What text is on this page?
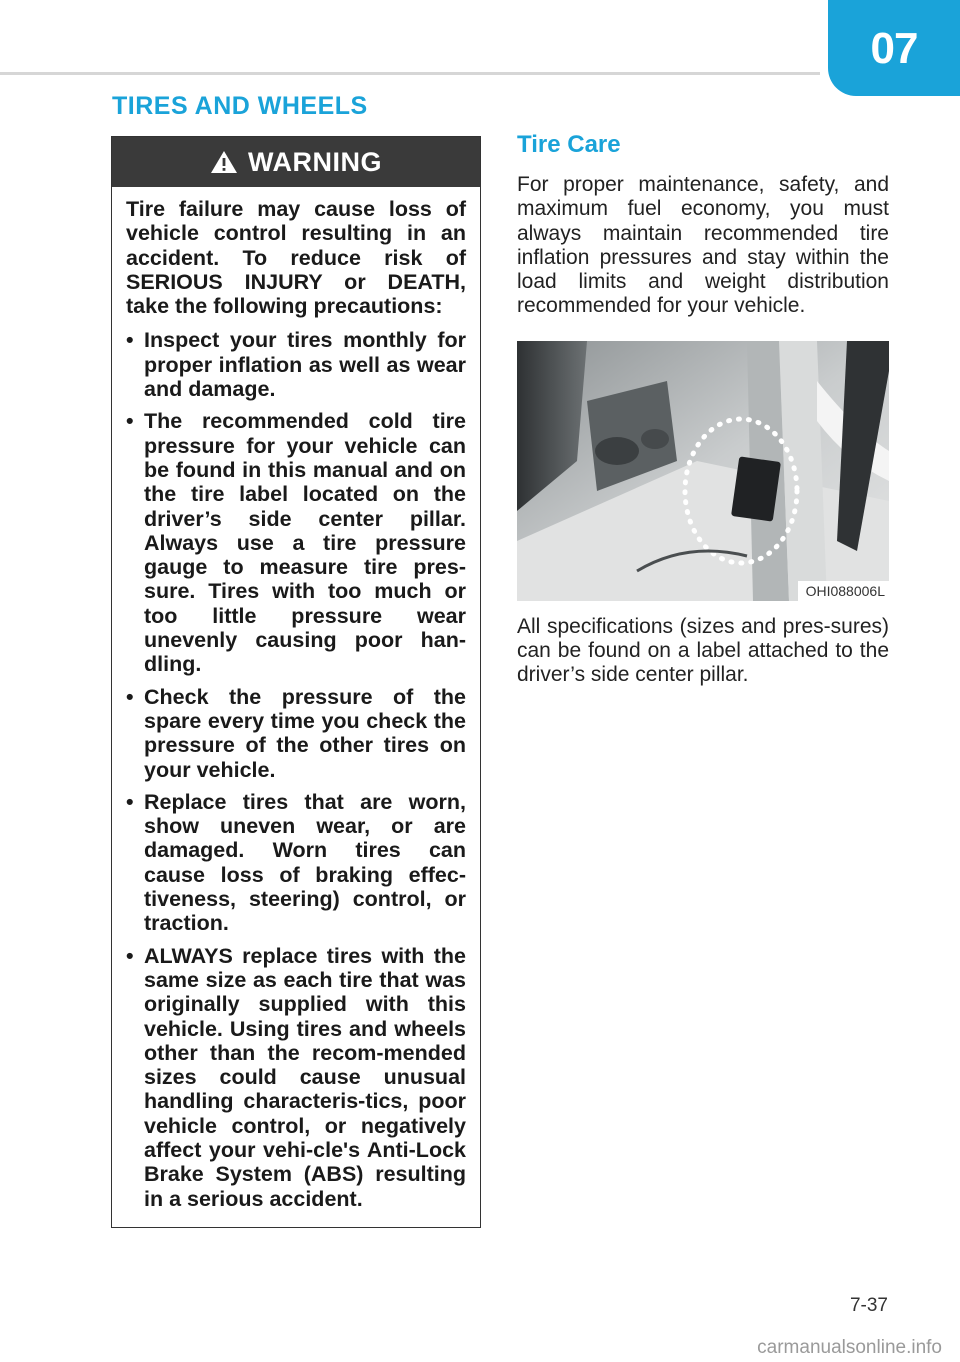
07
TIRES AND WHEELS
WARNING

Tire failure may cause loss of vehicle control resulting in an accident. To reduce risk of SERIOUS INJURY or DEATH, take the following precautions:

• Inspect your tires monthly for proper inflation as well as wear and damage.
• The recommended cold tire pressure for your vehicle can be found in this manual and on the tire label located on the driver’s side center pillar. Always use a tire pressure gauge to measure tire pres-sure. Tires with too much or too little pressure wear unevenly causing poor han-dling.
• Check the pressure of the spare every time you check the pressure of the other tires on your vehicle.
• Replace tires that are worn, show uneven wear, or are damaged. Worn tires can cause loss of braking effec-tiveness, steering) control, or traction.
• ALWAYS replace tires with the same size as each tire that was originally supplied with this vehicle. Using tires and wheels other than the recom-mended sizes could cause unusual handling characteris-tics, poor vehicle control, or negatively affect your vehi-cle's Anti-Lock Brake System (ABS) resulting in a serious accident.
Tire Care

For proper maintenance, safety, and maximum fuel economy, you must always maintain recommended tire inflation pressures and stay within the load limits and weight distribution recommended for your vehicle.

OHI088006L

All specifications (sizes and pres-sures) can be found on a label attached to the driver’s side center pillar.

7-37
carmanualsonline.info
